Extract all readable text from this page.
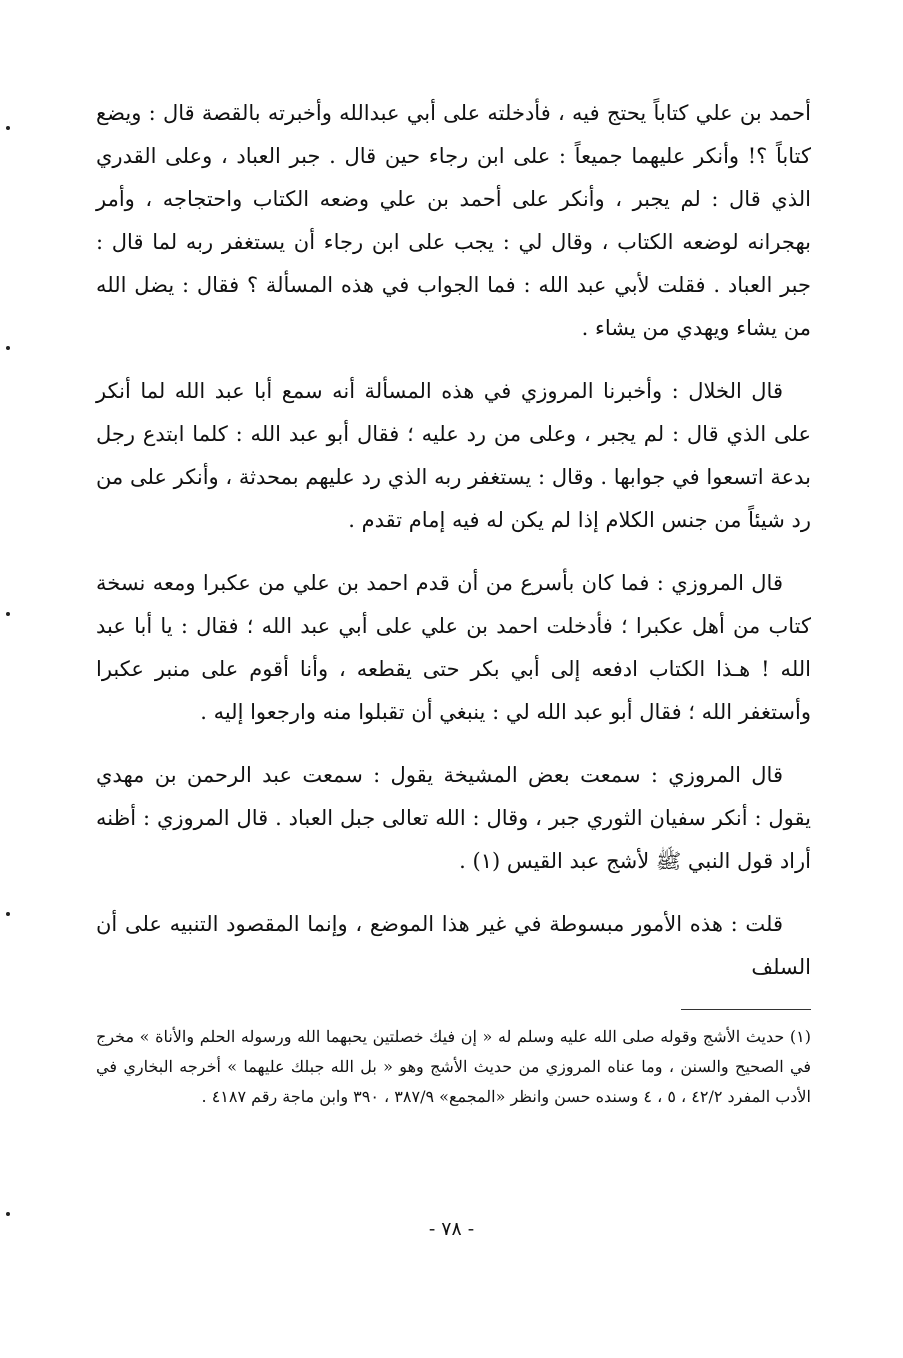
أحمد بن علي كتاباً يحتج فيه ، فأدخلته على أبي عبدالله وأخبرته بالقصة قال : ويضع كتاباً ؟! وأنكر عليهما جميعاً : على ابن رجاء حين قال . جبر العباد ، وعلى القدري الذي قال : لم يجبر ، وأنكر على أحمد بن علي وضعه الكتاب واحتجاجه ، وأمر بهجرانه لوضعه الكتاب ، وقال لي : يجب على ابن رجاء أن يستغفر ربه لما قال : جبر العباد . فقلت لأبي عبد الله : فما الجواب في هذه المسألة ؟ فقال : يضل الله من يشاء ويهدي من يشاء .

قال الخلال : وأخبرنا المروزي في هذه المسألة أنه سمع أبا عبد الله لما أنكر على الذي قال : لم يجبر ، وعلى من رد عليه ؛ فقال أبو عبد الله : كلما ابتدع رجل بدعة اتسعوا في جوابها . وقال : يستغفر ربه الذي رد عليهم بمحدثة ، وأنكر على من رد شيئاً من جنس الكلام إذا لم يكن له فيه إمام تقدم .

قال المروزي : فما كان بأسرع من أن قدم احمد بن علي من عكبرا ومعه نسخة كتاب من أهل عكبرا ؛ فأدخلت احمد بن علي على أبي عبد الله ؛ فقال : يا أبا عبد الله ! هـذا الكتاب ادفعه إلى أبي بكر حتى يقطعه ، وأنا أقوم على منبر عكبرا وأستغفر الله ؛ فقال أبو عبد الله لي : ينبغي أن تقبلوا منه وارجعوا إليه .

قال المروزي : سمعت بعض المشيخة يقول : سمعت عبد الرحمن بن مهدي يقول : أنكر سفيان الثوري جبر ، وقال : الله تعالى جبل العباد . قال المروزي : أظنه أراد قول النبي ﷺ لأشج عبد القيس (١) .

قلت : هذه الأمور مبسوطة في غير هذا الموضع ، وإنما المقصود التنبيه على أن السلف

(١) حديث الأشج وقوله صلى الله عليه وسلم له « إن فيك خصلتين يحبهما الله ورسوله الحلم والأناة » مخرج في الصحيح والسنن ، وما عناه المروزي من حديث الأشج وهو « بل الله جبلك عليهما » أخرجه البخاري في الأدب المفرد ٤٢/٢ ، ٥ ، ٤ وسنده حسن وانظر «المجمع» ٣٨٧/٩ ، ٣٩٠ وابن ماجة رقم ٤١٨٧ .

- ٧٨ -
